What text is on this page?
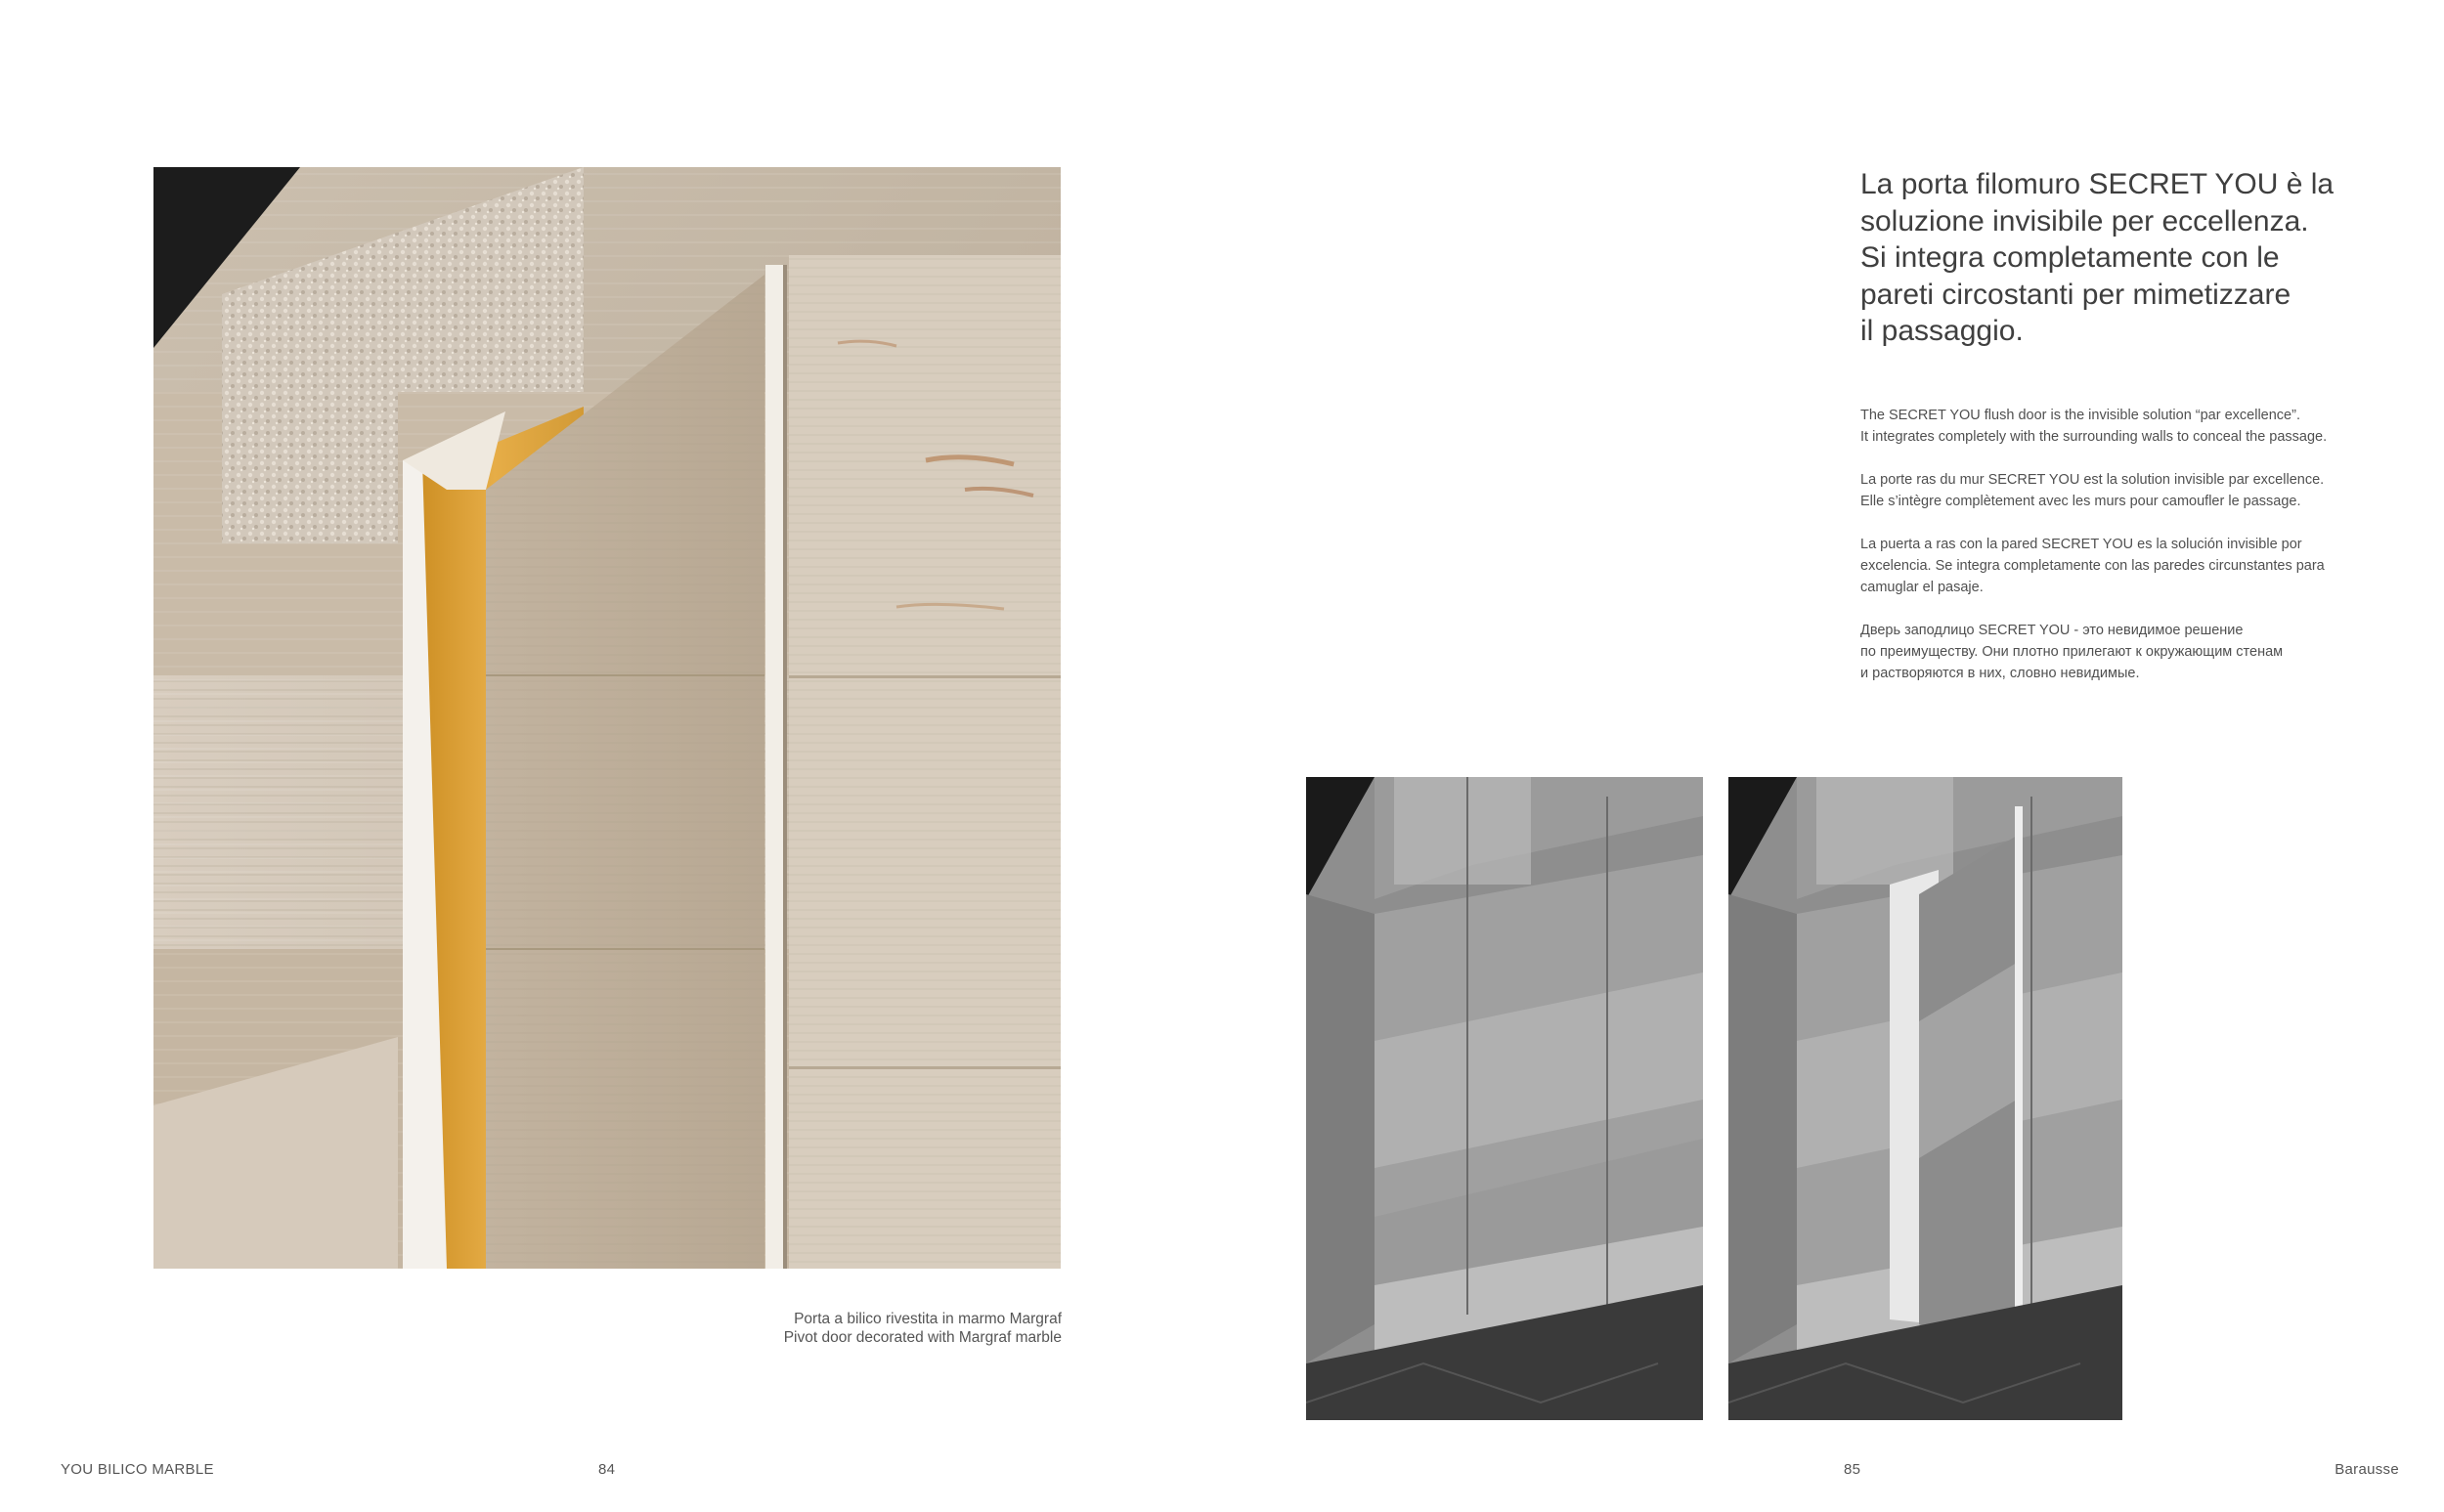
Porta a bilico rivestita in marmo Margraf
Pivot door decorated with Margraf marble
La porta filomuro SECRET YOU è la
soluzione invisibile per eccellenza.
Si integra completamente con le
pareti circostanti per mimetizzare
il passaggio.

The SECRET YOU flush door is the invisible solution “par excellence”.
It integrates completely with the surrounding walls to conceal the passage.

La porte ras du mur SECRET YOU est la solution invisible par excellence.
Elle s’intègre complètement avec les murs pour camoufler le passage.

La puerta a ras con la pared SECRET YOU es la solución invisible por
excelencia. Se integra completamente con las paredes circunstantes para
camuglar el pasaje.

Дверь заподлицо SECRET YOU - это невидимое решение
по преимуществу. Они плотно прилегают к окружающим стенам
и растворяются в них, словно невидимые.

YOU BILICO MARBLE	84	85	Barausse
